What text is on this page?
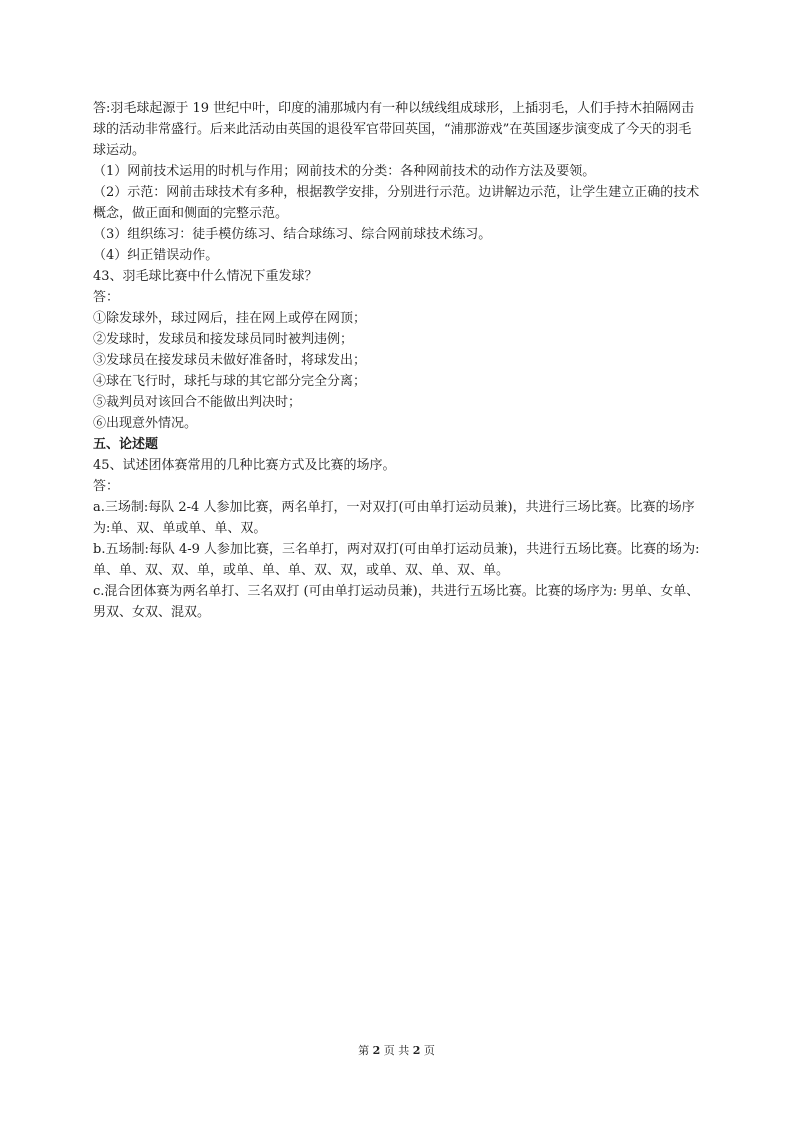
答:羽毛球起源于 19 世纪中叶，印度的浦那城内有一种以绒线组成球形，上插羽毛，人们手持木拍隔网击球的活动非常盛行。后来此活动由英国的退役军官带回英国，“浦那游戏”在英国逐步演变成了今天的羽毛球运动。

（1）网前技术运用的时机与作用；网前技术的分类：各种网前技术的动作方法及要领。

（2）示范：网前击球技术有多种，根据教学安排，分别进行示范。边讲解边示范，让学生建立正确的技术概念，做正面和侧面的完整示范。

（3）组织练习：徒手模仿练习、结合球练习、综合网前球技术练习。

（4）纠正错误动作。

43、羽毛球比赛中什么情况下重发球？

答：

①除发球外，球过网后，挂在网上或停在网顶；

②发球时，发球员和接发球员同时被判违例；

③发球员在接发球员未做好准备时，将球发出；

④球在飞行时，球托与球的其它部分完全分离；

⑤裁判员对该回合不能做出判决时；

⑥出现意外情况。

五、论述题

45、试述团体赛常用的几种比赛方式及比赛的场序。

答：

a.三场制:每队 2-4 人参加比赛，两名单打，一对双打(可由单打运动员兼)，共进行三场比赛。比赛的场序为:单、双、单或单、单、双。

b.五场制:每队 4-9 人参加比赛，三名单打，两对双打(可由单打运动员兼)，共进行五场比赛。比赛的场为:单、单、双、双、单，或单、单、单、双、双，或单、双、单、双、单。

c.混合团体赛为两名单打、三名双打 (可由单打运动员兼)，共进行五场比赛。比赛的场序为: 男单、女单、男双、女双、混双。

第 2 页 共 2 页
